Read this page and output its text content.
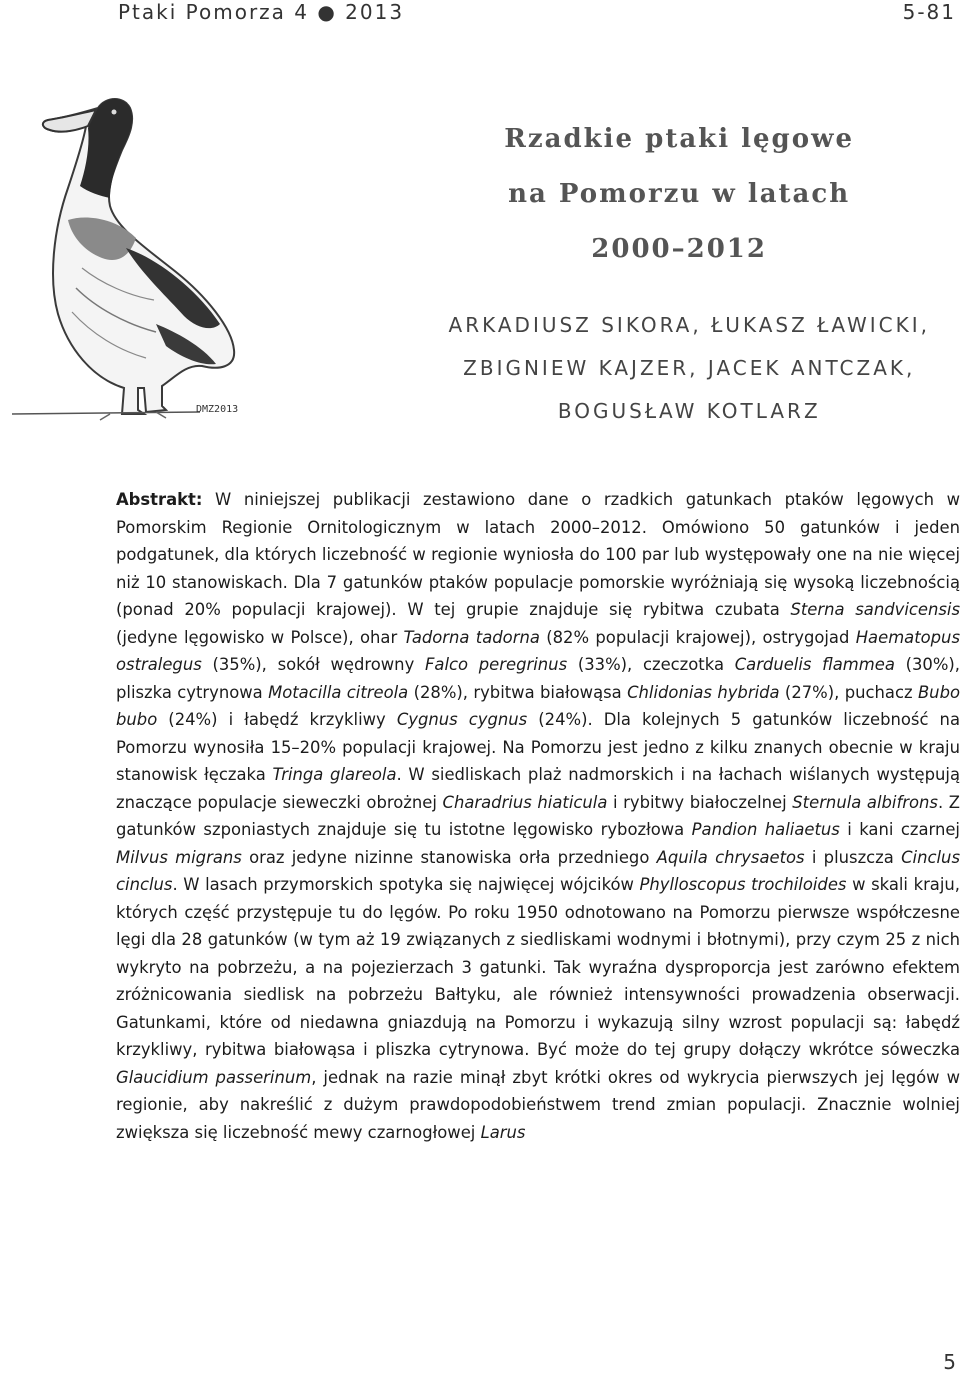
Ptaki Pomorza 4 ● 2013	5-81
DMZ2013
Rzadkie ptaki lęgowe
na Pomorzu w latach
2000–2012
ARKADIUSZ SIKORA, ŁUKASZ ŁAWICKI,
ZBIGNIEW KAJZER, JACEK ANTCZAK,
BOGUSŁAW KOTLARZ
Abstrakt: W niniejszej publikacji zestawiono dane o rzadkich gatunkach ptaków lęgowych w Pomorskim Regionie Ornitologicznym w latach 2000–2012. Omówiono 50 gatunków i jeden podgatunek, dla których liczebność w regionie wyniosła do 100 par lub występowały one na nie więcej niż 10 stanowiskach. Dla 7 gatunków ptaków populacje pomorskie wyróżniają się wysoką liczebnością (ponad 20% populacji krajowej). W tej grupie znajduje się rybitwa czubata Sterna sandvicensis (jedyne lęgowisko w Polsce), ohar Tadorna tadorna (82% populacji krajowej), ostrygojad Haematopus ostralegus (35%), sokół wędrowny Falco peregrinus (33%), czeczotka Carduelis flammea (30%), pliszka cytrynowa Motacilla citreola (28%), rybitwa białowąsa Chlidonias hybrida (27%), puchacz Bubo bubo (24%) i łabędź krzykliwy Cygnus cygnus (24%). Dla kolejnych 5 gatunków liczebność na Pomorzu wynosiła 15–20% populacji krajowej. Na Pomorzu jest jedno z kilku znanych obecnie w kraju stanowisk łęczaka Tringa glareola. W siedliskach plaż nadmorskich i na łachach wiślanych występują znaczące populacje sieweczki obrożnej Charadrius hiaticula i rybitwy białoczelnej Sternula albifrons. Z gatunków szponiastych znajduje się tu istotne lęgowisko rybozłowa Pandion haliaetus i kani czarnej Milvus migrans oraz jedyne nizinne stanowiska orła przedniego Aquila chrysaetos i pluszcza Cinclus cinclus. W lasach przymorskich spotyka się najwięcej wójcików Phylloscopus trochiloides w skali kraju, których część przystępuje tu do lęgów. Po roku 1950 odnotowano na Pomorzu pierwsze współczesne lęgi dla 28 gatunków (w tym aż 19 związanych z siedliskami wodnymi i błotnymi), przy czym 25 z nich wykryto na pobrzeżu, a na pojezierzach 3 gatunki. Tak wyraźna dysproporcja jest zarówno efektem zróżnicowania siedlisk na pobrzeżu Bałtyku, ale również intensywności prowadzenia obserwacji. Gatunkami, które od niedawna gniazdują na Pomorzu i wykazują silny wzrost populacji są: łabędź krzykliwy, rybitwa białowąsa i pliszka cytrynowa. Być może do tej grupy dołączy wkrótce sóweczka Glaucidium passerinum, jednak na razie minął zbyt krótki okres od wykrycia pierwszych jej lęgów w regionie, aby nakreślić z dużym prawdopodobieństwem trend zmian populacji. Znacznie wolniej zwiększa się liczebność mewy czarnogłowej Larus
5
